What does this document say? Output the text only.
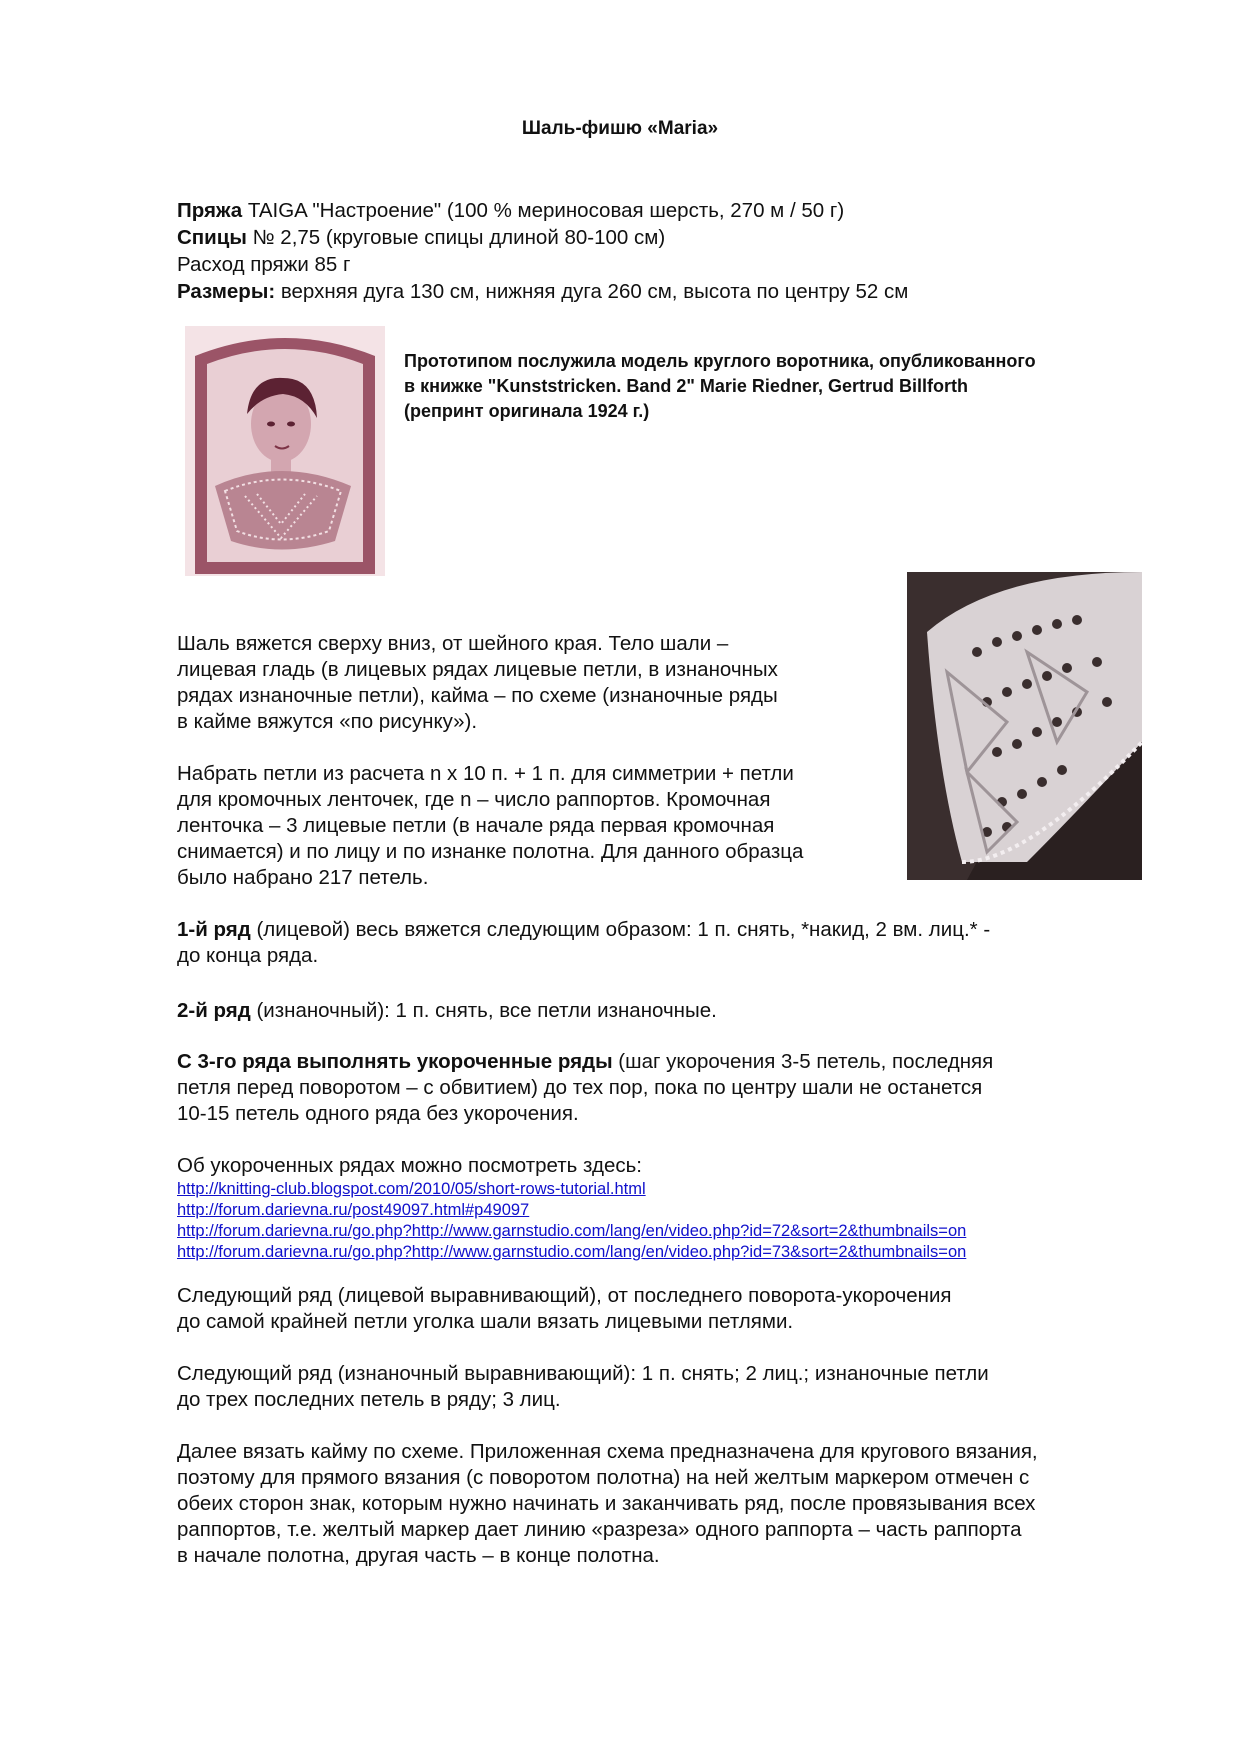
Шаль-фишю «Maria»
Пряжа TAIGA "Настроение" (100 % мериносовая шерсть, 270 м / 50 г)
Спицы № 2,75 (круговые спицы длиной 80-100 см)
Расход пряжи 85 г
Размеры: верхняя дуга 130 см, нижняя дуга 260 см, высота по центру 52 см
Прототипом послужила модель круглого воротника, опубликованного
в книжке "Kunststricken. Band 2" Marie Riedner, Gertrud Billforth
(репринт оригинала 1924 г.)
Шаль вяжется сверху вниз, от шейного края. Тело шали –
лицевая гладь (в лицевых рядах лицевые петли, в изнаночных
рядах изнаночные петли), кайма – по схеме (изнаночные ряды
в кайме вяжутся «по рисунку»).
Набрать петли из расчета n x 10 п. + 1 п. для симметрии + петли
для кромочных ленточек, где n – число раппортов. Кромочная
ленточка – 3 лицевые петли (в начале ряда первая кромочная
снимается) и по лицу и по изнанке полотна. Для данного образца
было набрано 217 петель.
1-й ряд (лицевой) весь вяжется следующим образом: 1 п. снять, *накид, 2 вм. лиц.* -
до конца ряда.
2-й ряд (изнаночный): 1 п. снять, все петли изнаночные.
С 3-го ряда выполнять укороченные ряды (шаг укорочения 3-5 петель, последняя
петля перед поворотом – с обвитием) до тех пор, пока по центру шали не останется
10-15 петель одного ряда без укорочения.
Об укороченных рядах можно посмотреть здесь:
http://knitting-club.blogspot.com/2010/05/short-rows-tutorial.html
http://forum.darievna.ru/post49097.html#p49097
http://forum.darievna.ru/go.php?http://www.garnstudio.com/lang/en/video.php?id=72&sort=2&thumbnails=on
http://forum.darievna.ru/go.php?http://www.garnstudio.com/lang/en/video.php?id=73&sort=2&thumbnails=on
Следующий ряд (лицевой выравнивающий), от последнего поворота-укорочения
до самой крайней петли уголка шали вязать лицевыми петлями.
Следующий ряд (изнаночный выравнивающий): 1 п. снять; 2 лиц.; изнаночные петли
до трех последних петель в ряду; 3 лиц.
Далее вязать кайму по схеме. Приложенная схема предназначена для кругового вязания,
поэтому для прямого вязания (с поворотом полотна) на ней желтым маркером отмечен с
обеих сторон знак, которым нужно начинать и заканчивать ряд, после провязывания всех
раппортов, т.е. желтый маркер дает линию «разреза» одного раппорта – часть раппорта
в начале полотна, другая часть – в конце полотна.
